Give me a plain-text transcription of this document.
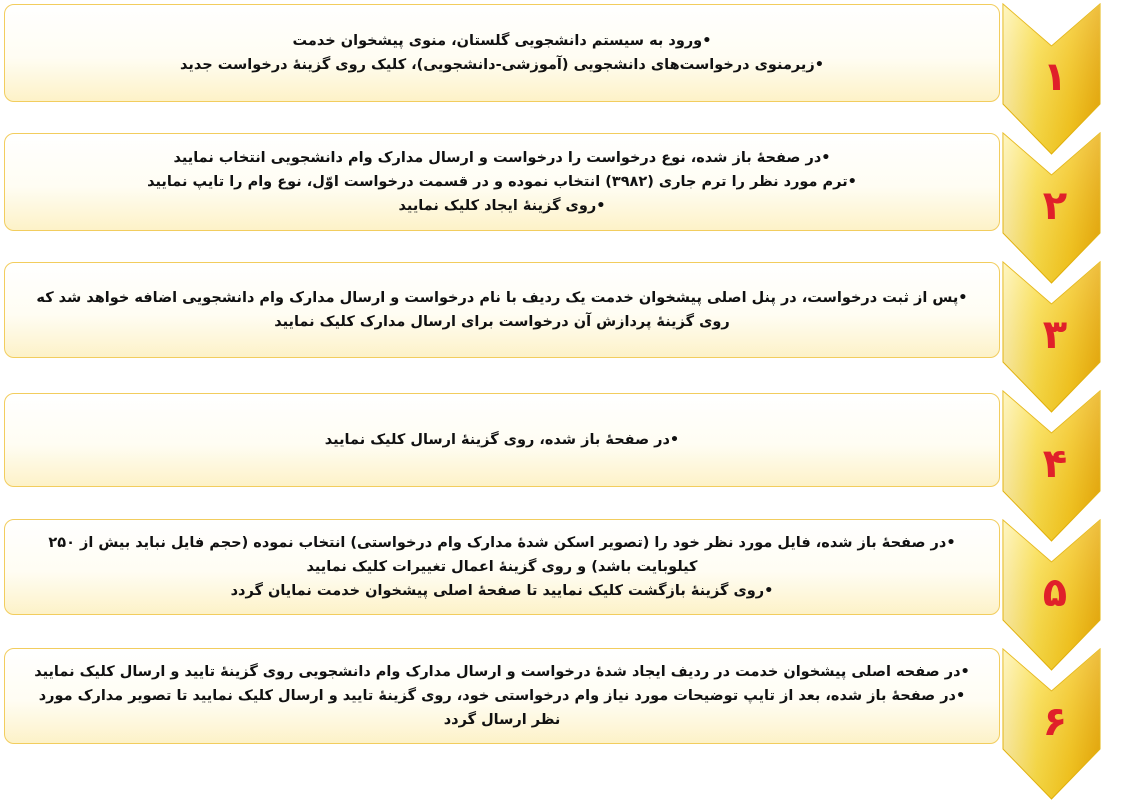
•ورود به سیستم دانشجویی گلستان، منوی پیشخوان خدمت
•زیرمنوی درخواست‌های دانشجویی (آموزشی-دانشجویی)، کلیک روی گزینهٔ درخواست جدید
•در صفحهٔ باز شده، نوع درخواست را درخواست و ارسال مدارک وام دانشجویی انتخاب نمایید
•ترم مورد نظر را ترم جاری (۳۹۸۲) انتخاب نموده و در قسمت درخواست اوّل، نوع وام را تایپ نمایید
•روی گزینهٔ ایجاد کلیک نمایید
•پس از ثبت درخواست، در پنل اصلی پیشخوان خدمت یک ردیف با نام درخواست و ارسال مدارک وام دانشجویی اضافه خواهد شد که روی گزینهٔ پردازش آن درخواست برای ارسال مدارک کلیک نمایید
•در صفحهٔ باز شده، روی گزینهٔ ارسال کلیک نمایید
•در صفحهٔ باز شده، فایل مورد نظر خود را (تصویر اسکن شدهٔ مدارک وام درخواستی) انتخاب نموده (حجم فایل نباید بیش از ۲۵۰ کیلوبایت باشد) و روی گزینهٔ اعمال تغییرات کلیک نمایید
•روی گزینهٔ بازگشت کلیک نمایید تا صفحهٔ اصلی پیشخوان خدمت نمایان گردد
•در صفحه اصلی پیشخوان خدمت در ردیف ایجاد شدهٔ درخواست و ارسال مدارک وام دانشجویی روی گزینهٔ تایید و ارسال کلیک نمایید
•در صفحهٔ باز شده، بعد از تایپ توضیحات مورد نیاز وام درخواستی خود، روی گزینهٔ تایید و ارسال کلیک نمایید تا تصویر مدارک مورد نظر ارسال گردد
۱
۲
۳
۴
۵
۶
